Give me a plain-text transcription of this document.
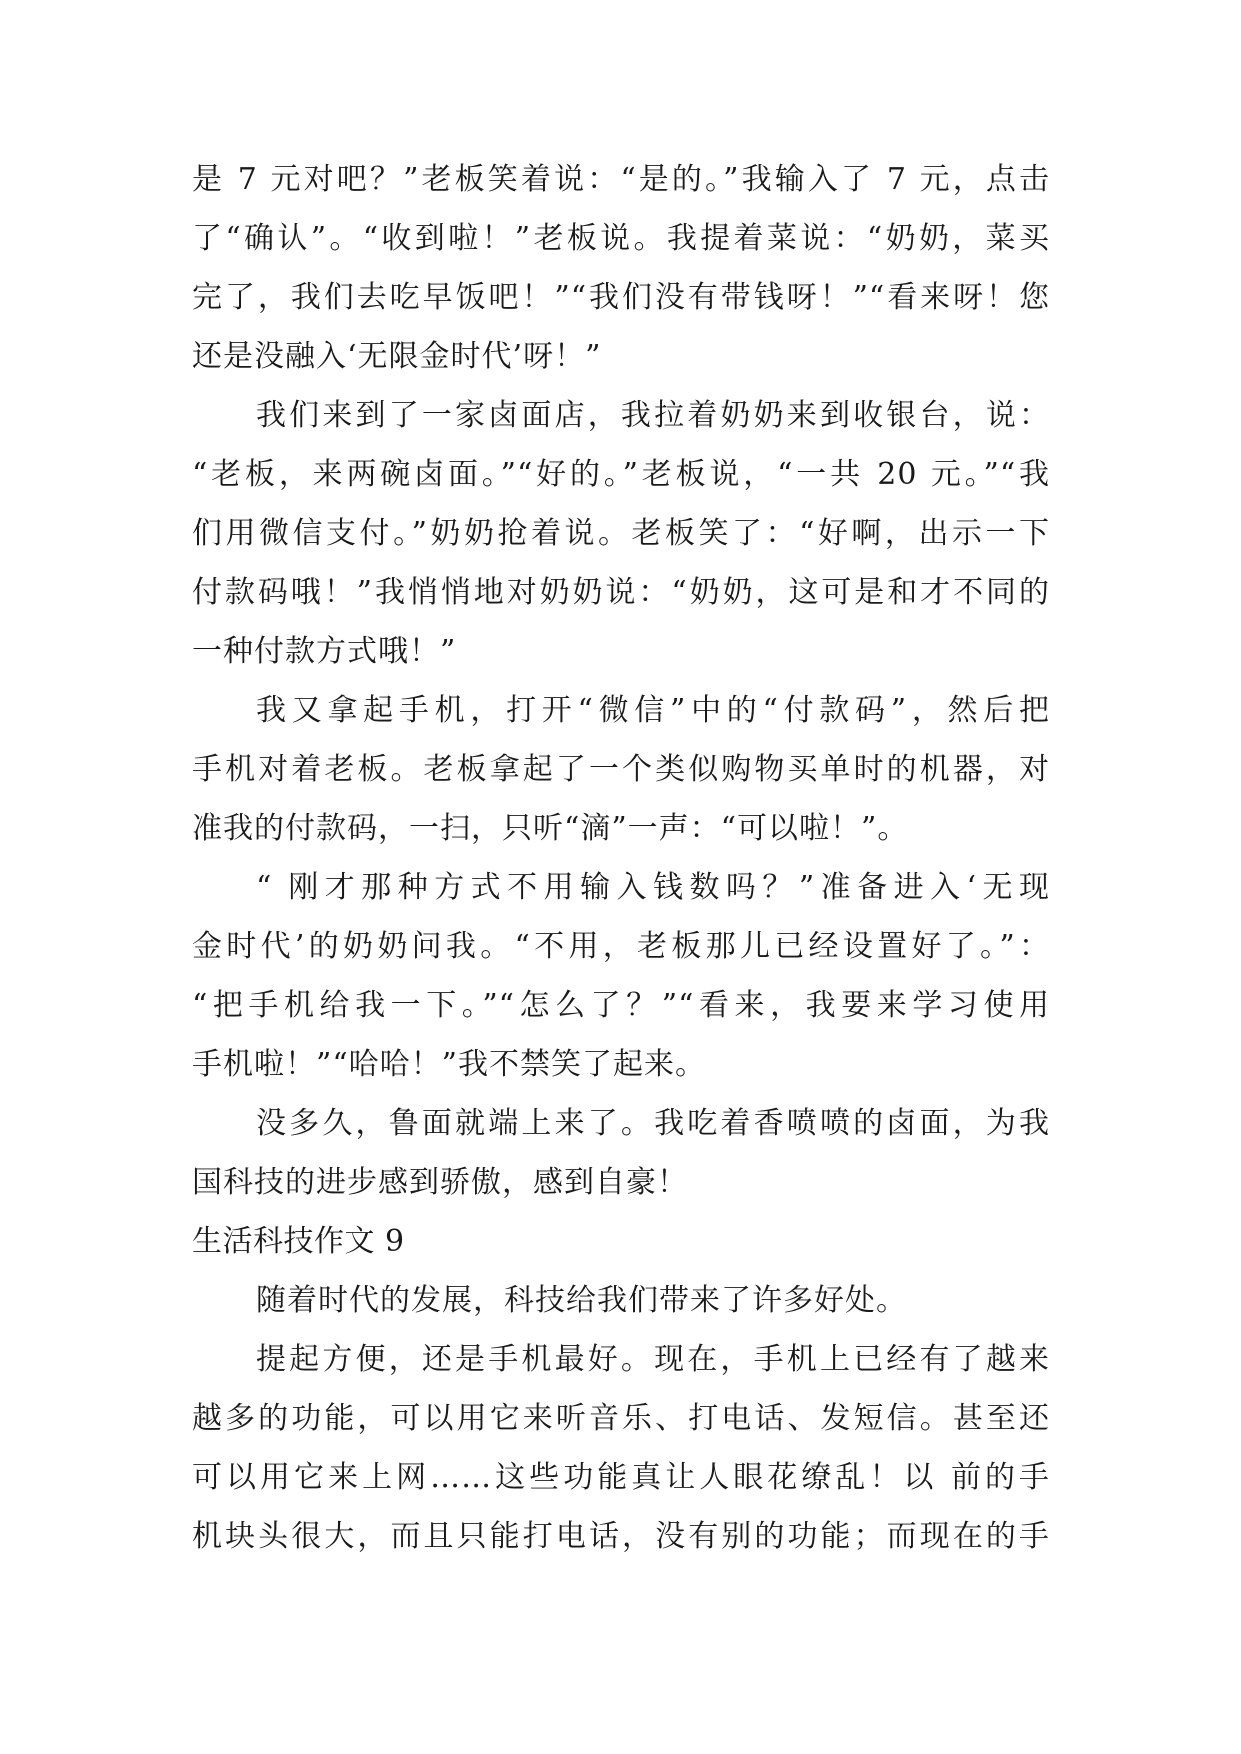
是 7 元对吧？”老板笑着说：“是的。”我输入了 7 元，点击
了“确认”。“收到啦！”老板说。我提着菜说：“奶奶，菜买
完了，我们去吃早饭吧！”“我们没有带钱呀！”“看来呀！您
还是没融入‘无限金时代’呀！”
我们来到了一家卤面店，我拉着奶奶来到收银台，说：
“老板，来两碗卤面。”“好的。”老板说，“一共 20 元。”“我
们用微信支付。”奶奶抢着说。老板笑了：“好啊，出示一下
付款码哦！”我悄悄地对奶奶说：“奶奶，这可是和才不同的
一种付款方式哦！”
我又拿起手机，打开“微信”中的“付款码”，然后把
手机对着老板。老板拿起了一个类似购物买单时的机器，对
准我的付款码，一扫，只听“滴”一声：“可以啦！”。
“ 刚才那种方式不用输入钱数吗？”准备进入‘无现
金时代’的奶奶问我。“不用，老板那儿已经设置好了。”：
“把手机给我一下。”“怎么了？”“看来，我要来学习使用
手机啦！”“哈哈！”我不禁笑了起来。
没多久，鲁面就端上来了。我吃着香喷喷的卤面，为我
国科技的进步感到骄傲，感到自豪！
生活科技作文 9
随着时代的发展，科技给我们带来了许多好处。
提起方便，还是手机最好。现在，手机上已经有了越来
越多的功能，可以用它来听音乐、打电话、发短信。甚至还
可以用它来上网……这些功能真让人眼花缭乱！以 前的手
机块头很大，而且只能打电话，没有别的功能；而现在的手
